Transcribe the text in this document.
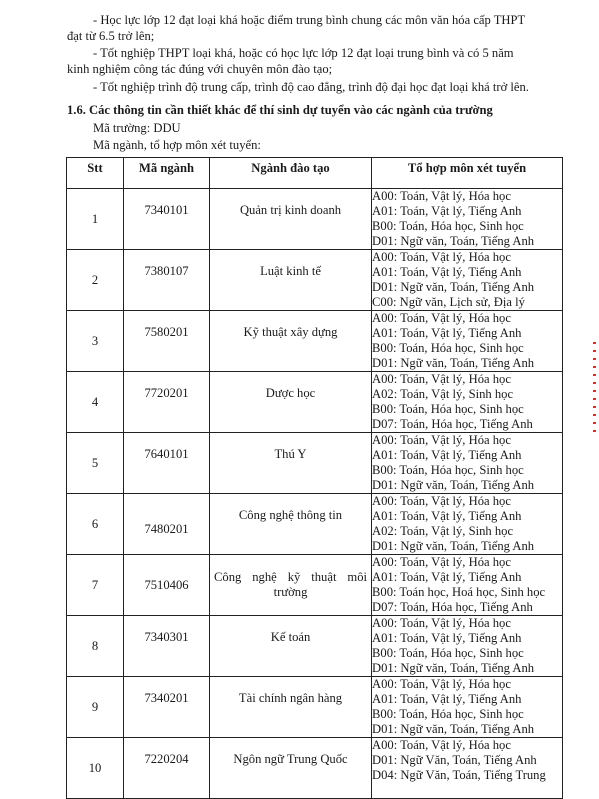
- Học lực lớp 12 đạt loại khá hoặc điểm trung bình chung các môn văn hóa cấp THPT
đạt từ 6.5 trở lên;
- Tốt nghiệp THPT loại khá, hoặc có học lực lớp 12 đạt loại trung bình và có 5 năm
kinh nghiệm công tác đúng với chuyên môn đào tạo;
- Tốt nghiệp trình độ trung cấp, trình độ cao đẳng, trình độ đại học đạt loại khá trở lên.
1.6. Các thông tin cần thiết khác để thí sinh dự tuyển vào các ngành của trường
Mã trường: DDU
Mã ngành, tổ hợp môn xét tuyển:
Stt	Mã ngành	Ngành đào tạo	Tổ hợp môn xét tuyển
1	7340101	Quản trị kinh doanh	A00: Toán, Vật lý, Hóa học
A01: Toán, Vật lý, Tiếng Anh
B00: Toán, Hóa học, Sinh học
D01: Ngữ văn, Toán, Tiếng Anh

2	7380107	Luật kinh tế	A00: Toán, Vật lý, Hóa học
A01: Toán, Vật lý, Tiếng Anh
D01: Ngữ văn, Toán, Tiếng Anh
C00: Ngữ văn, Lịch sử, Địa lý

3	7580201	Kỹ thuật xây dựng	A00: Toán, Vật lý, Hóa học
A01: Toán, Vật lý, Tiếng Anh
B00: Toán, Hóa học, Sinh học
D01: Ngữ văn, Toán, Tiếng Anh

4	7720201	Dược học	A00: Toán, Vật lý, Hóa học
A02: Toán, Vật lý, Sinh học
B00: Toán, Hóa học, Sinh học
D07: Toán, Hóa học, Tiếng Anh

5	7640101	Thú Y	A00: Toán, Vật lý, Hóa học
A01: Toán, Vật lý, Tiếng Anh
B00: Toán, Hóa học, Sinh học
D01: Ngữ văn, Toán, Tiếng Anh

6	7480201	Công nghệ thông tin	A00: Toán, Vật lý, Hóa học
A01: Toán, Vật lý, Tiếng Anh
A02: Toán, Vật lý, Sinh học
D01: Ngữ văn, Toán, Tiếng Anh

7	7510406	Công nghệ kỹ thuật môi trường	A00: Toán, Vật lý, Hóa học
A01: Toán, Vật lý, Tiếng Anh
B00: Toán học, Hoá học, Sinh học
D07: Toán, Hóa học, Tiếng Anh

8	7340301	Kế toán	A00: Toán, Vật lý, Hóa học
A01: Toán, Vật lý, Tiếng Anh
B00: Toán, Hóa học, Sinh học
D01: Ngữ văn, Toán, Tiếng Anh

9	7340201	Tài chính ngân hàng	A00: Toán, Vật lý, Hóa học
A01: Toán, Vật lý, Tiếng Anh
B00: Toán, Hóa học, Sinh học
D01: Ngữ văn, Toán, Tiếng Anh

10	7220204	Ngôn ngữ Trung Quốc	A00: Toán, Vật lý, Hóa học
D01: Ngữ Văn, Toán, Tiếng Anh
D04: Ngữ Văn, Toán, Tiếng Trung
